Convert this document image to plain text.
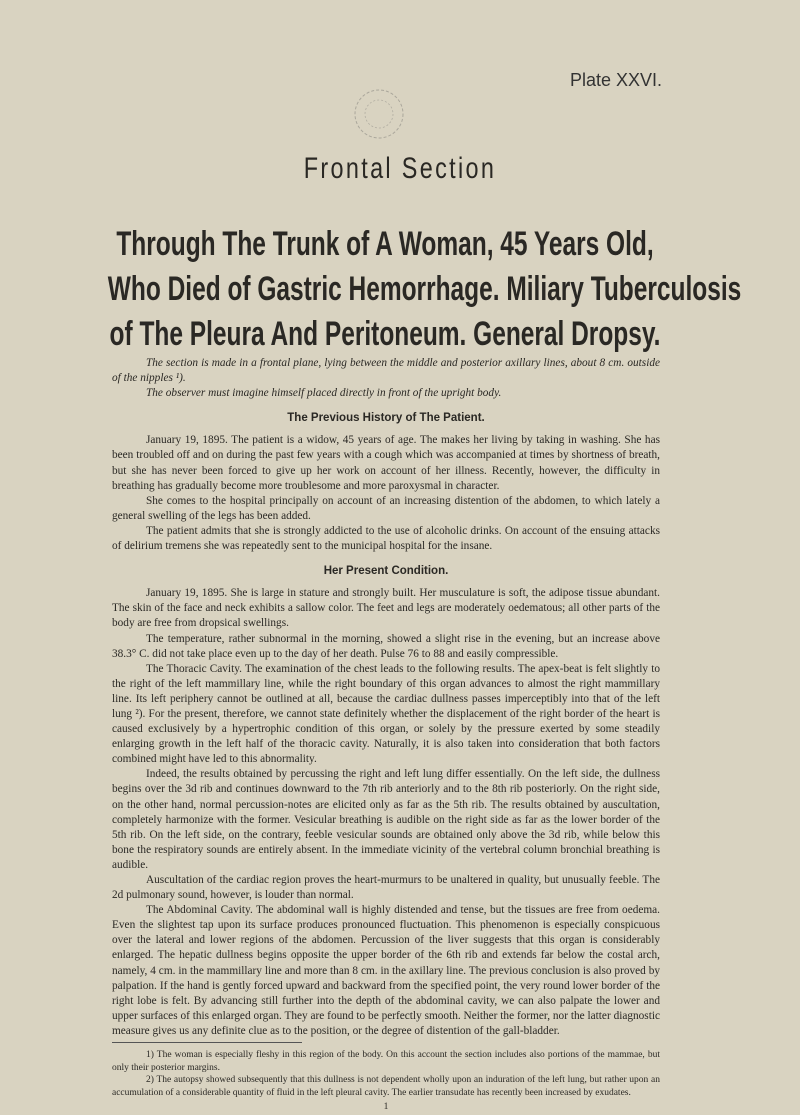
Plate XXVI.
Frontal Section
Through The Trunk of A Woman, 45 Years Old,
Who Died of Gastric Hemorrhage. Miliary Tuberculosis
of The Pleura And Peritoneum. General Dropsy.

The section is made in a frontal plane, lying between the middle and posterior axillary lines, about 8 cm. outside of the nipples ¹).

The observer must imagine himself placed directly in front of the upright body.

The Previous History of The Patient.

January 19, 1895. The patient is a widow, 45 years of age. The makes her living by taking in washing. She has been troubled off and on during the past few years with a cough which was accompanied at times by shortness of breath, but she has never been forced to give up her work on account of her illness. Recently, however, the difficulty in breathing has gradually become more troublesome and more paroxysmal in character.

She comes to the hospital principally on account of an increasing distention of the abdomen, to which lately a general swelling of the legs has been added.

The patient admits that she is strongly addicted to the use of alcoholic drinks. On account of the ensuing attacks of delirium tremens she was repeatedly sent to the municipal hospital for the insane.

Her Present Condition.

January 19, 1895. She is large in stature and strongly built. Her musculature is soft, the adipose tissue abundant. The skin of the face and neck exhibits a sallow color. The feet and legs are moderately oedematous; all other parts of the body are free from dropsical swellings.

The temperature, rather subnormal in the morning, showed a slight rise in the evening, but an increase above 38.3° C. did not take place even up to the day of her death. Pulse 76 to 88 and easily compressible.

The Thoracic Cavity. The examination of the chest leads to the following results. The apex-beat is felt slightly to the right of the left mammillary line, while the right boundary of this organ advances to almost the right mammillary line. Its left periphery cannot be outlined at all, because the cardiac dullness passes imperceptibly into that of the left lung ²). For the present, therefore, we cannot state definitely whether the displacement of the right border of the heart is caused exclusively by a hypertrophic condition of this organ, or solely by the pressure exerted by some steadily enlarging growth in the left half of the thoracic cavity. Naturally, it is also taken into consideration that both factors combined might have led to this abnormality.

Indeed, the results obtained by percussing the right and left lung differ essentially. On the left side, the dullness begins over the 3d rib and continues downward to the 7th rib anteriorly and to the 8th rib posteriorly. On the right side, on the other hand, normal percussion-notes are elicited only as far as the 5th rib. The results obtained by auscultation, completely harmonize with the former. Vesicular breathing is audible on the right side as far as the lower border of the 5th rib. On the left side, on the contrary, feeble vesicular sounds are obtained only above the 3d rib, while below this bone the respiratory sounds are entirely absent. In the immediate vicinity of the vertebral column bronchial breathing is audible.

Auscultation of the cardiac region proves the heart-murmurs to be unaltered in quality, but unusually feeble. The 2d pulmonary sound, however, is louder than normal.

The Abdominal Cavity. The abdominal wall is highly distended and tense, but the tissues are free from oedema. Even the slightest tap upon its surface produces pronounced fluctuation. This phenomenon is especially conspicuous over the lateral and lower regions of the abdomen. Percussion of the liver suggests that this organ is considerably enlarged. The hepatic dullness begins opposite the upper border of the 6th rib and extends far below the costal arch, namely, 4 cm. in the mammillary line and more than 8 cm. in the axillary line. The previous conclusion is also proved by palpation. If the hand is gently forced upward and backward from the specified point, the very round lower border of the right lobe is felt. By advancing still further into the depth of the abdominal cavity, we can also palpate the lower and upper surfaces of this enlarged organ. They are found to be perfectly smooth. Neither the former, nor the latter diagnostic measure gives us any definite clue as to the position, or the degree of distention of the gall-bladder.

1) The woman is especially fleshy in this region of the body. On this account the section includes also portions of the mammae, but only their posterior margins.

2) The autopsy showed subsequently that this dullness is not dependent wholly upon an induration of the left lung, but rather upon an accumulation of a considerable quantity of fluid in the left pleural cavity. The earlier transudate has recently been increased by exudates.

1
